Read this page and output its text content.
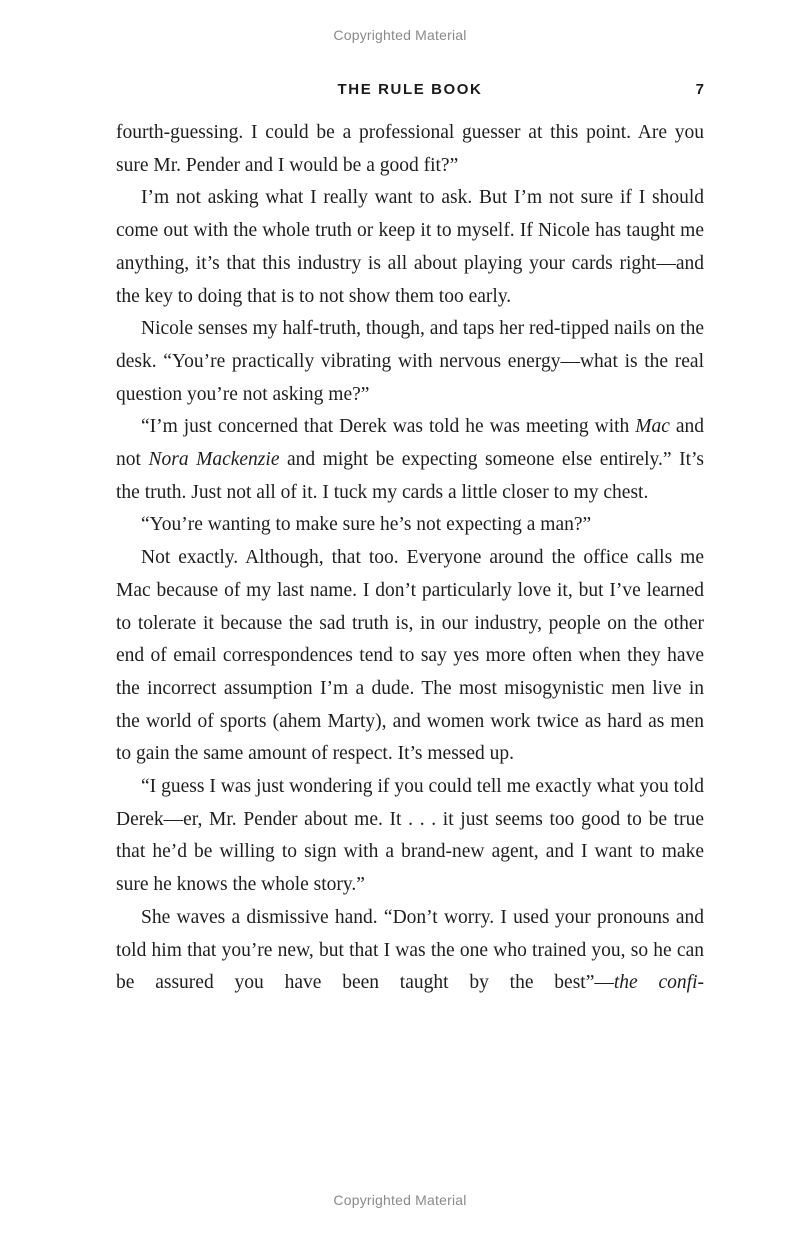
Copyrighted Material
THE RULE BOOK	7

fourth-guessing. I could be a professional guesser at this point. Are you sure Mr. Pender and I would be a good fit?”

I’m not asking what I really want to ask. But I’m not sure if I should come out with the whole truth or keep it to myself. If Nicole has taught me anything, it’s that this industry is all about playing your cards right—and the key to doing that is to not show them too early.

Nicole senses my half-truth, though, and taps her red-tipped nails on the desk. “You’re practically vibrating with nervous energy—what is the real question you’re not asking me?”

“I’m just concerned that Derek was told he was meeting with Mac and not Nora Mackenzie and might be expecting someone else entirely.” It’s the truth. Just not all of it. I tuck my cards a little closer to my chest.

“You’re wanting to make sure he’s not expecting a man?”

Not exactly. Although, that too. Everyone around the office calls me Mac because of my last name. I don’t particularly love it, but I’ve learned to tolerate it because the sad truth is, in our industry, people on the other end of email correspondences tend to say yes more often when they have the incorrect assumption I’m a dude. The most misogynistic men live in the world of sports (ahem Marty), and women work twice as hard as men to gain the same amount of respect. It’s messed up.

“I guess I was just wondering if you could tell me exactly what you told Derek—er, Mr. Pender about me. It . . . it just seems too good to be true that he’d be willing to sign with a brand-new agent, and I want to make sure he knows the whole story.”

She waves a dismissive hand. “Don’t worry. I used your pronouns and told him that you’re new, but that I was the one who trained you, so he can be assured you have been taught by the best”—the confi-

Copyrighted Material
